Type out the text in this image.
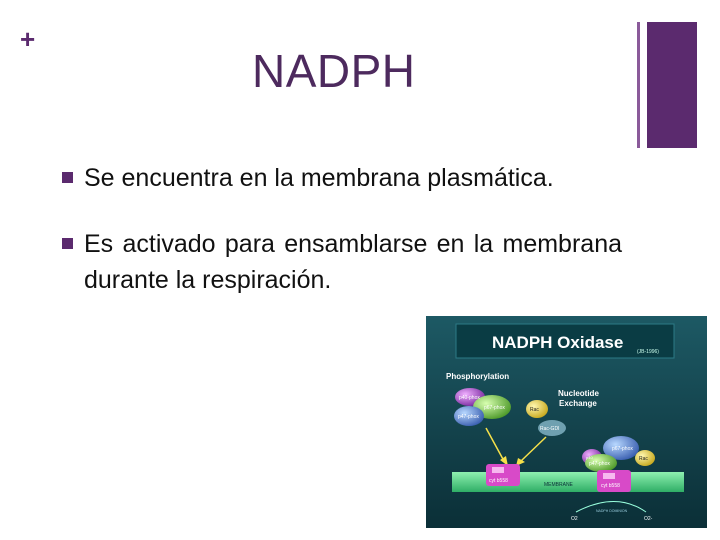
+
NADPH
Se encuentra en la membrana plasmática.
Es activado para ensamblarse en la membrana durante la respiración.
NADPH Oxidase	(JB-1996)
Phosphorylation
Nucleotide
Exchange
p40-phox
p67-phox
p47-phox
Rac
Rac-GDI
p40
p67-phox
p47-phox
Rac
MEMBRANE
cyt b558
cyt b558
O2	O2-
NADPH DOMINION
